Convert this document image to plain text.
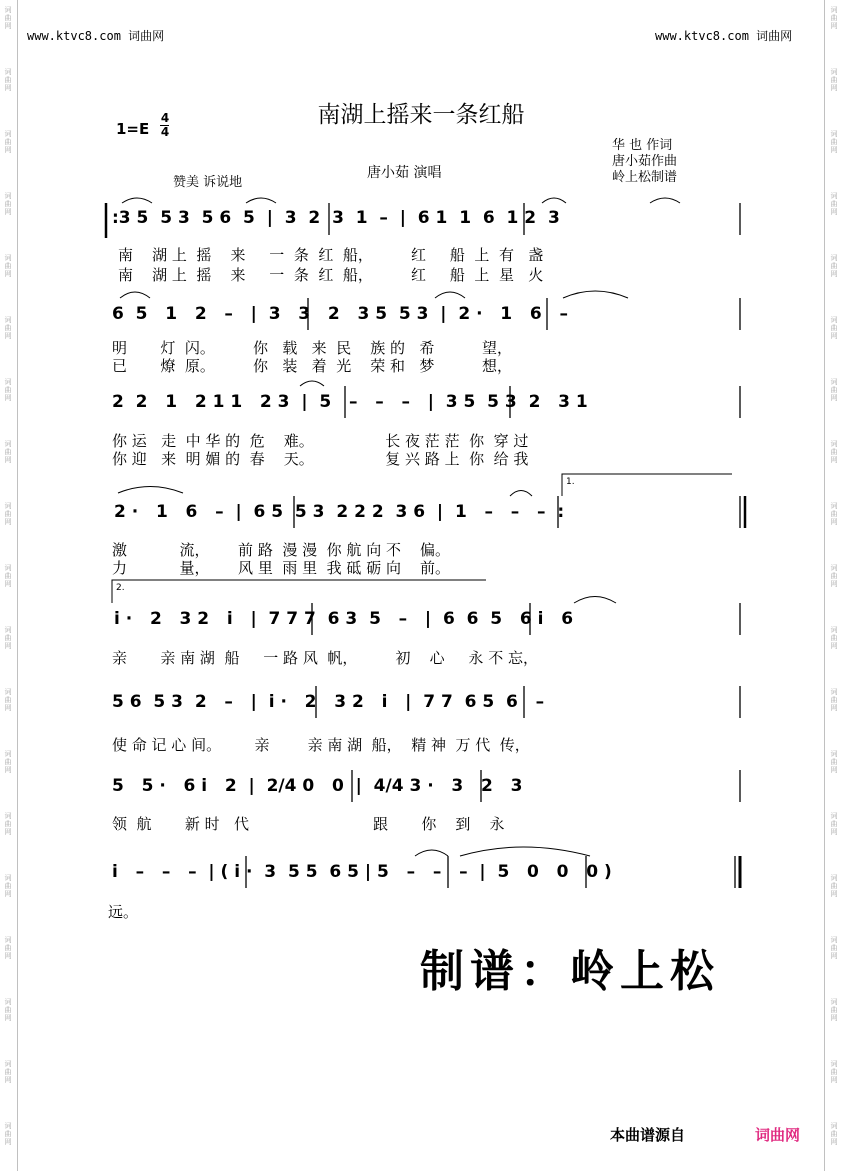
词曲网
词曲网
词曲网
词曲网
词曲网
词曲网
词曲网
词曲网
词曲网
词曲网
词曲网
词曲网
词曲网
词曲网
词曲网
词曲网
词曲网
词曲网
词曲网
词曲网
词曲网
词曲网
词曲网
词曲网
词曲网
词曲网
词曲网
词曲网
词曲网
词曲网
词曲网
词曲网
词曲网
词曲网
词曲网
词曲网
词曲网
词曲网
www.ktvc8.com 词曲网	www.ktvc8.com 词曲网
南湖上摇来一条红船
1=E
4
4
赞美 诉说地
唐小茹 演唱
华 也 作词
唐小茹作曲
岭上松制谱
:3 5  5 3  5 6  5  |  3  2  3  1  –  |  6 1  1  6  1 2  3
南    湖 上  摇    来     一  条  红  船，        红     船  上  有   盏
南    湖 上  摇    来     一  条  红  船，        红     船  上  星   火
6  5   1   2   –   |  3   3   2   3 5  5 3  |  2 ·   1   6   –
明       灯  闪。        你   载   来  民    族 的   希          望，
已       燎  原。        你   装   着  光    荣 和   梦          想，
2  2   1   2 1 1   2 3  |  5   –   –   –   |  3 5  5 3  2   3 1
你 运   走  中 华 的  危    难。               长 夜 茫 茫  你  穿 过
你 迎   来  明 媚 的  春    天。               复 兴 路 上  你  给 我
2 ·   1   6   –  |  6 5  5 3  2 2 2  3 6  |  1   –   –   –  :
激           流，      前 路  漫 漫  你 航 向 不    偏。
力           量，      风 里  雨 里  我 砥 砺 向    前。
i ·   2   3 2   i   |  7 7 7  6 3  5   –   |  6  6  5   6 i   6
亲       亲 南 湖  船     一 路 风  帆，        初    心     永 不 忘，
5 6  5 3  2   –   |  i ·   2   3 2   i   |  7 7  6 5  6   –
使 命 记 心 间。       亲        亲 南 湖  船，  精 神  万 代  传，
5   5 ·   6 i   2  |  2/4 0   0  |  4/4 3 ·   3   2   3
领  航       新 时   代                          跟       你    到    永
i   –   –   –  | ( i ·  3  5 5  6 5 | 5   –   –   –  |  5   0   0   0 )
远。
1.
2.
制谱：岭上松
本曲谱源自	词曲网
